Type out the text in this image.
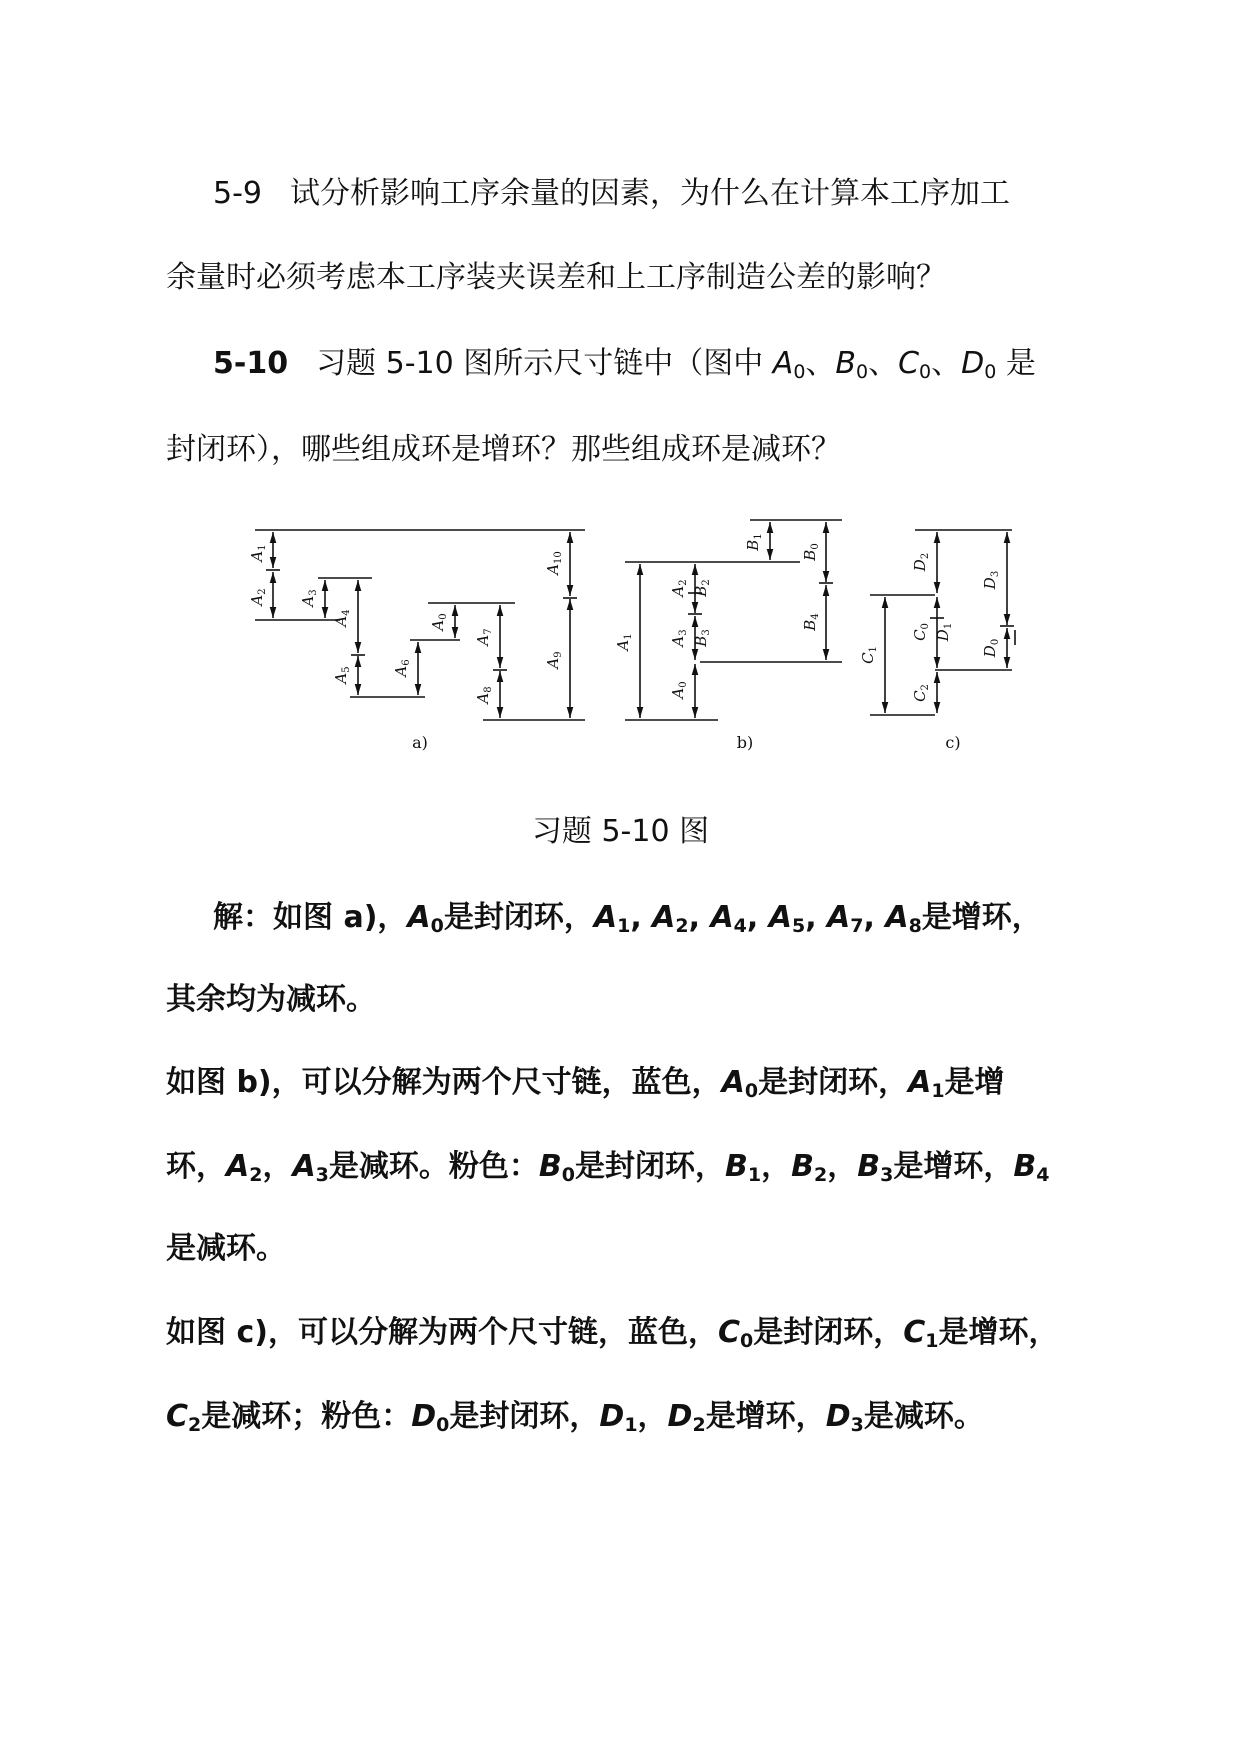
5-9 试分析影响工序余量的因素，为什么在计算本工序加工
余量时必须考虑本工序装夹误差和上工序制造公差的影响？
5-10 习题 5-10 图所示尺寸链中（图中 $A_0$、$B_0$、$C_0$、$D_0$ 是
封闭环），哪些组成环是增环？那些组成环是减环？
$A_1$
$A_2$
$A_3$
$A_4$
$A_5$	$A_6$
$A_0$
$A_7$
$A_8$
$A_9$
$A_{10}$
$B_1$
$B_0$
$A_2$
$B_2$
$A_3$
$B_3$
$A_1$
$A_0$
$B_4$
$D_2$
$D_3$
$C_0$
$D_1$
$C_1$	$D_0$
$C_2$
a)	b)	c)
习题 5-10 图
解：如图 a)，$A_0$是封闭环，$A_1$, $A_2$, $A_4$, $A_5$, $A_7$, $A_8$是增环，
其余均为减环。
如图 b)，可以分解为两个尺寸链，蓝色，$A_0$是封闭环，$A_1$是增
环，$A_2$，$A_3$是减环。粉色：$B_0$是封闭环，$B_1$，$B_2$，$B_3$是增环，$B_4$
是减环。
如图 c)，可以分解为两个尺寸链，蓝色，$C_0$是封闭环，$C_1$是增环，
$C_2$是减环；粉色：$D_0$是封闭环，$D_1$，$D_2$是增环，$D_3$是减环。
